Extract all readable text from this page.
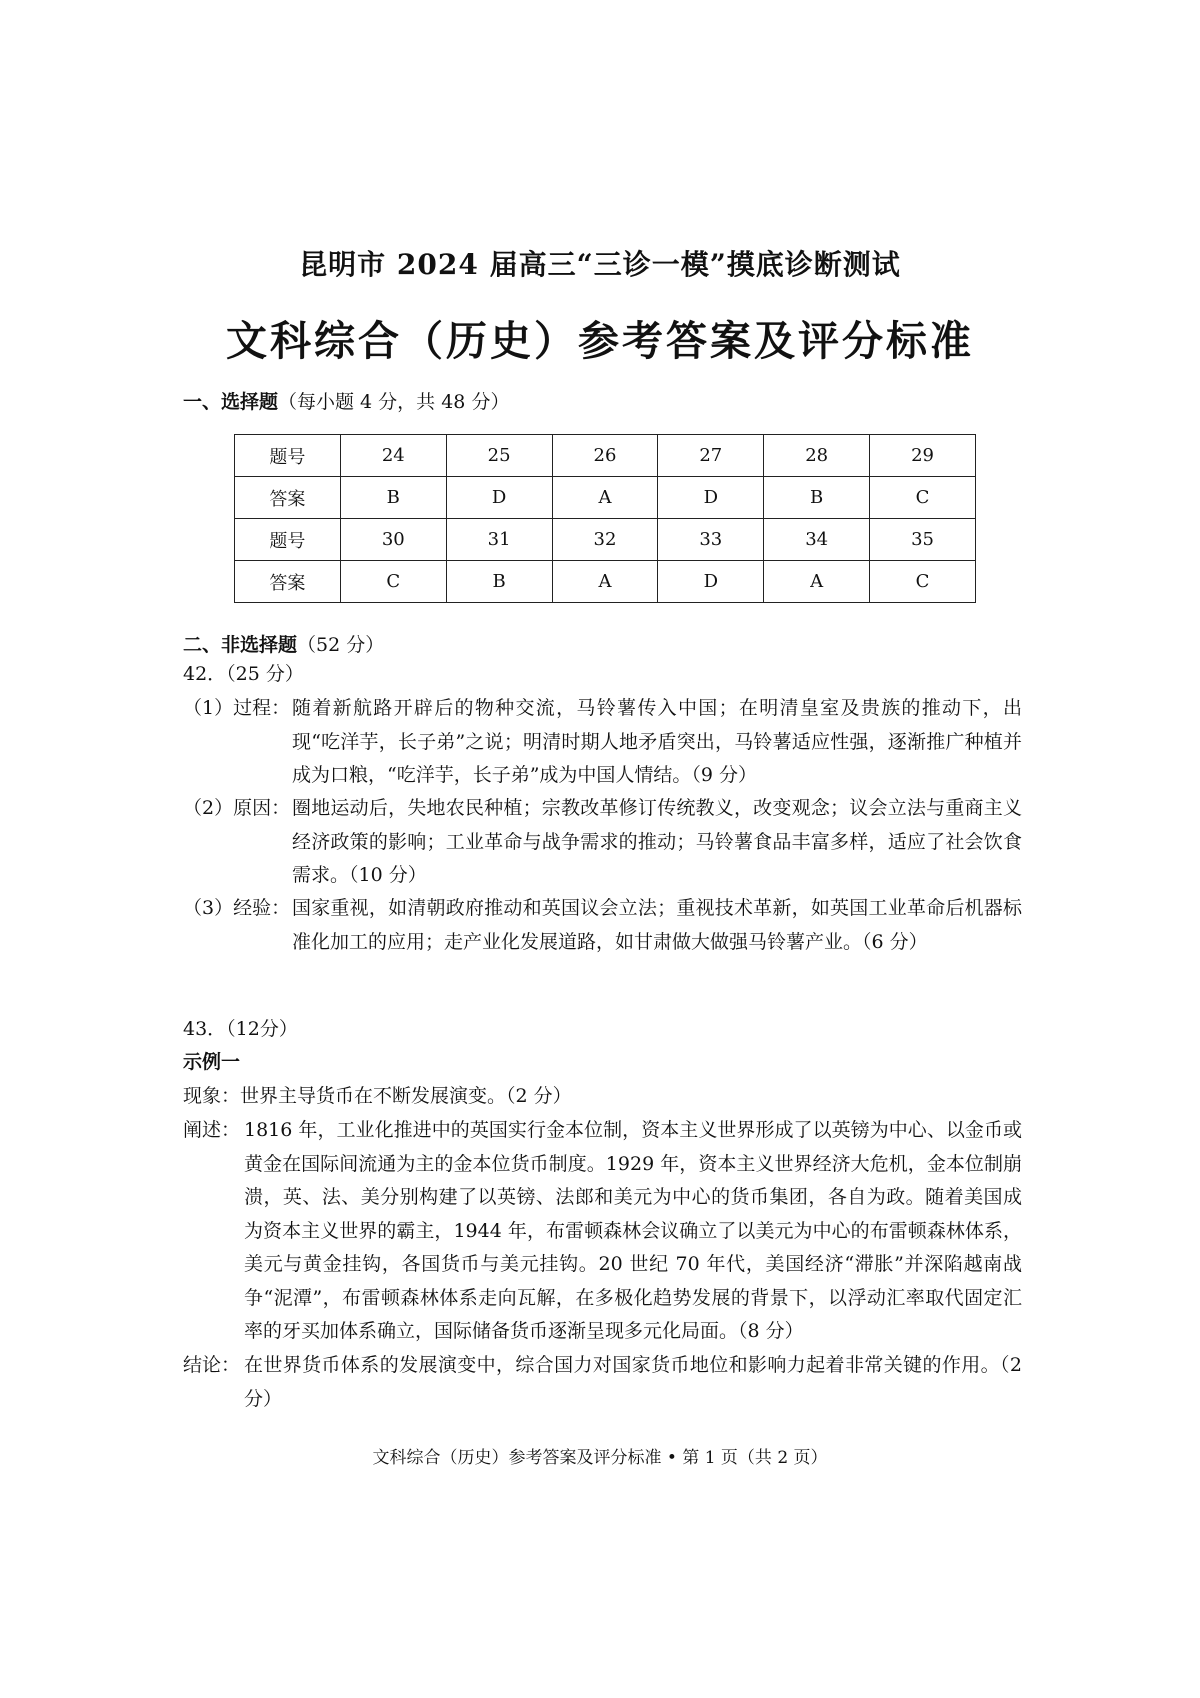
昆明市 2024 届高三“三诊一模”摸底诊断测试
文科综合（历史）参考答案及评分标准
一、选择题（每小题 4 分，共 48 分）
题号	24	25	26	27	28	29
答案	B	D	A	D	B	C
题号	30	31	32	33	34	35
答案	C	B	A	D	A	C
二、非选择题（52 分）
42．（25 分）
（1）过程： 随着新航路开辟后的物种交流，马铃薯传入中国；在明清皇室及贵族的推动下，出现“吃洋芋，长子弟”之说；明清时期人地矛盾突出，马铃薯适应性强，逐渐推广种植并成为口粮，“吃洋芋，长子弟”成为中国人情结。（9 分）
（2）原因： 圈地运动后，失地农民种植；宗教改革修订传统教义，改变观念；议会立法与重商主义经济政策的影响；工业革命与战争需求的推动；马铃薯食品丰富多样，适应了社会饮食需求。（10 分）
（3）经验： 国家重视，如清朝政府推动和英国议会立法；重视技术革新，如英国工业革命后机器标准化加工的应用；走产业化发展道路，如甘肃做大做强马铃薯产业。（6 分）
43．（12分）
示例一
现象：世界主导货币在不断发展演变。（2 分）
阐述： 1816 年，工业化推进中的英国实行金本位制，资本主义世界形成了以英镑为中心、以金币或黄金在国际间流通为主的金本位货币制度。1929 年，资本主义世界经济大危机，金本位制崩溃，英、法、美分别构建了以英镑、法郎和美元为中心的货币集团，各自为政。随着美国成为资本主义世界的霸主，1944 年，布雷顿森林会议确立了以美元为中心的布雷顿森林体系，美元与黄金挂钩，各国货币与美元挂钩。20 世纪 70 年代，美国经济“滞胀”并深陷越南战争“泥潭”，布雷顿森林体系走向瓦解，在多极化趋势发展的背景下，以浮动汇率取代固定汇率的牙买加体系确立，国际储备货币逐渐呈现多元化局面。（8 分）
结论： 在世界货币体系的发展演变中，综合国力对国家货币地位和影响力起着非常关键的作用。（2 分）
文科综合（历史）参考答案及评分标准 • 第 1 页（共 2 页）
